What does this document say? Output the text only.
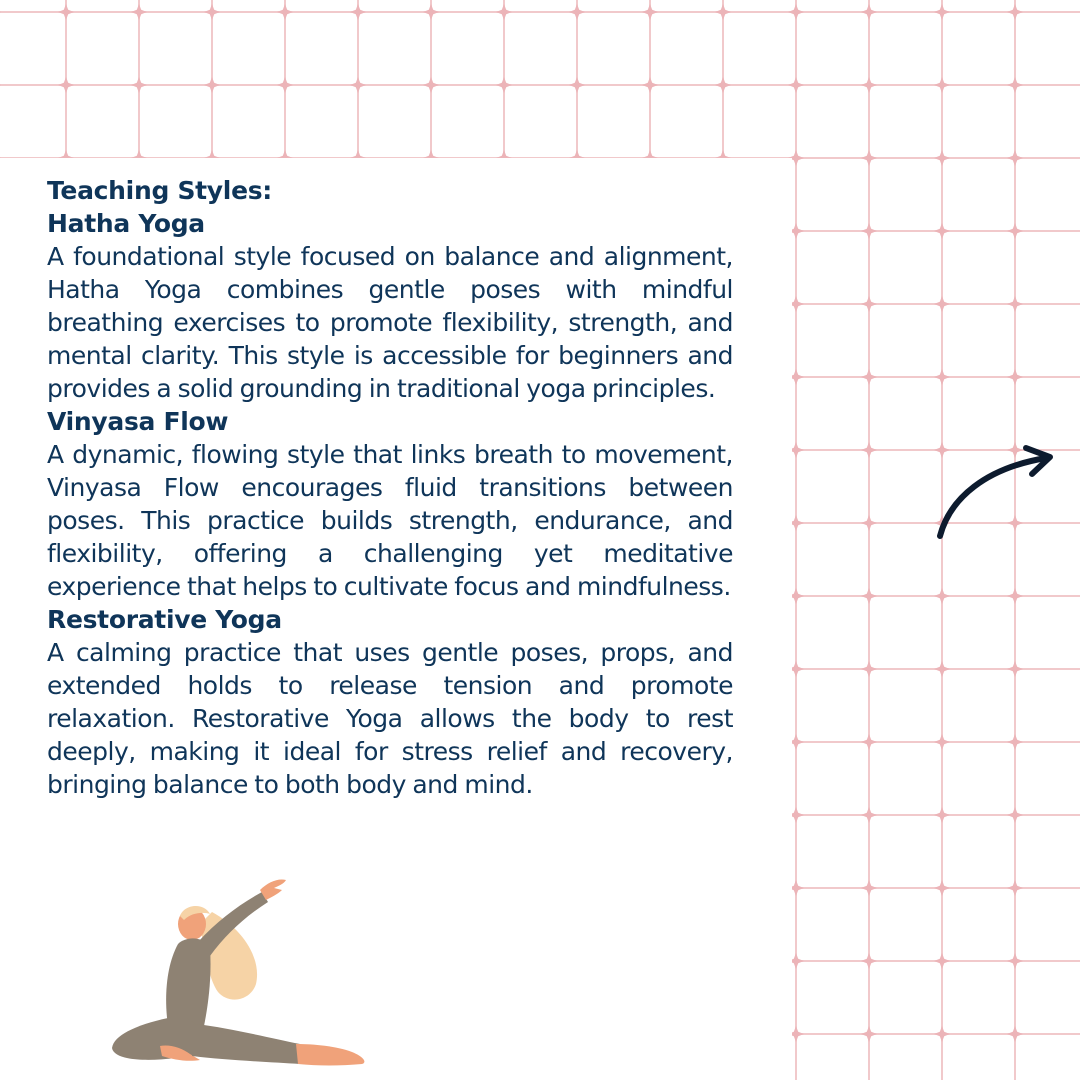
Teaching Styles:

Hatha Yoga

A foundational style focused on balance and alignment, Hatha Yoga combines gentle poses with mindful breathing exercises to promote flexibility, strength, and mental clarity. This style is accessible for beginners and provides a solid grounding in traditional yoga principles.

Vinyasa Flow

A dynamic, flowing style that links breath to movement, Vinyasa Flow encourages fluid transitions between poses. This practice builds strength, endurance, and flexibility, offering a challenging yet meditative experience that helps to cultivate focus and mindfulness.

Restorative Yoga

A calming practice that uses gentle poses, props, and extended holds to release tension and promote relaxation. Restorative Yoga allows the body to rest deeply, making it ideal for stress relief and recovery, bringing balance to both body and mind.
